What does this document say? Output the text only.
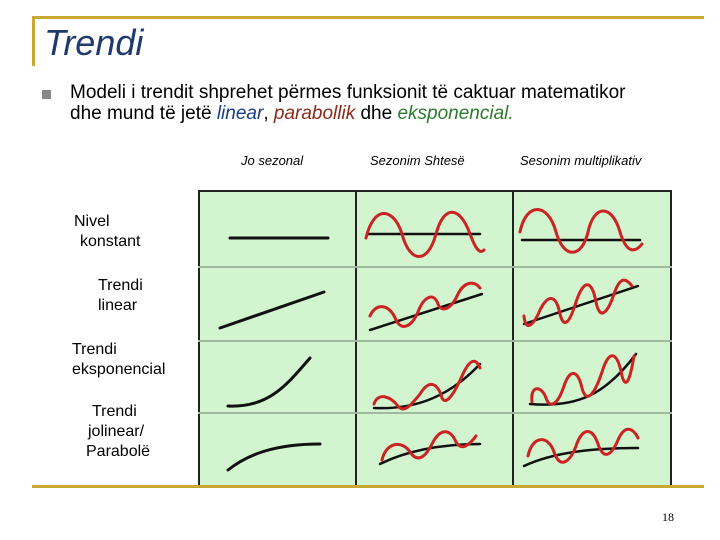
Trendi
Modeli i trendit shprehet përmes funksionit të caktuar matematikor dhe mund të jetë linear, parabollik dhe eksponencial.
Jo sezonal	Sezonim Shtesë	Sesonim multiplikativ
Nivel
konstant
Trendi
linear
Trendi
eksponencial
Trendi
jolinear/
Parabolë
18
